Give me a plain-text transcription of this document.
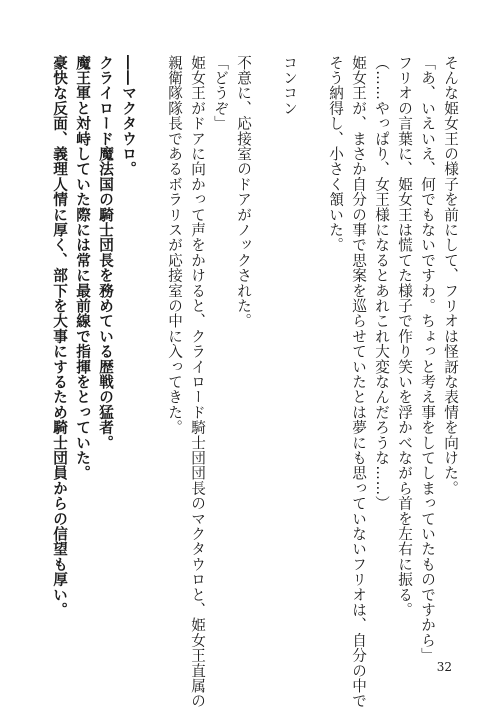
そんな姫女王の様子を前にして、フリオは怪訝な表情を向けた。
「あ、いえいえ、何でもないですわ。ちょっと考え事をしてしまっていたものですから」
フリオの言葉に、姫女王は慌てた様子で作り笑いを浮かべながら首を左右に振る。
（……やっぱり、女王様になるとあれこれ大変なんだろうな……）
姫女王が、まさか自分の事で思案を巡らせていたとは夢にも思っていないフリオは、自分の中で
そう納得し、小さく頷いた。
コンコン
不意に、応接室のドアがノックされた。
「どうぞ」
姫女王がドアに向かって声をかけると、クライロード騎士団団長のマクタウロと、姫女王直属の
親衛隊隊長であるボラリスが応接室の中に入ってきた。
――マクタウロ。
クライロード魔法国の騎士団長を務めている歴戦の猛者。
魔王軍と対峙していた際には常に最前線で指揮をとっていた。
豪快な反面、義理人情に厚く、部下を大事にするため騎士団員からの信望も厚い。
32
